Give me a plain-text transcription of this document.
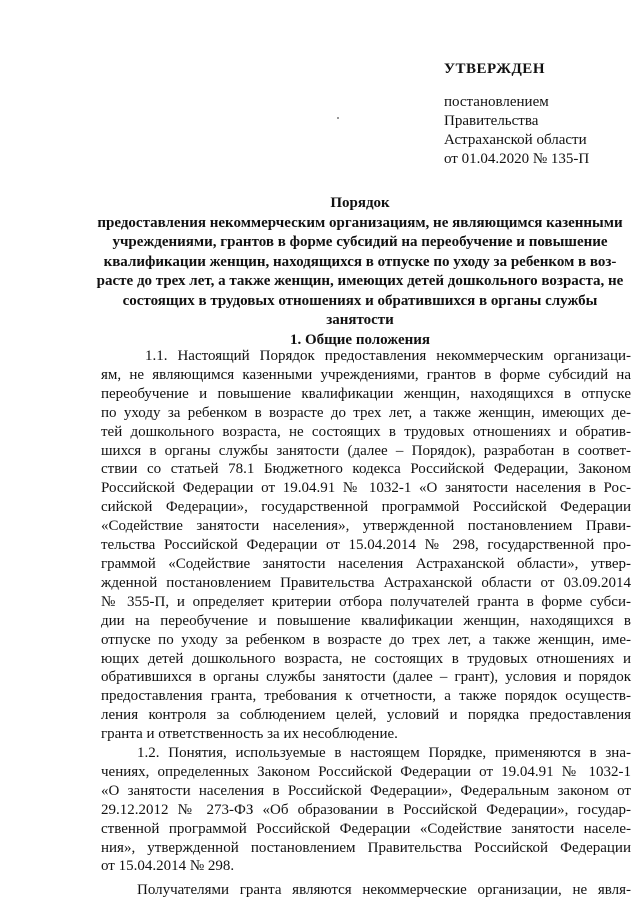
УТВЕРЖДЕН
постановлением
Правительства
Астраханской области
от 01.04.2020 № 135-П
Порядок
предоставления некоммерческим организациям, не являющимся казенными
учреждениями, грантов в форме субсидий на переобучение и повышение
квалификации женщин, находящихся в отпуске по уходу за ребенком в воз-
расте до трех лет, а также женщин, имеющих детей дошкольного возраста, не
состоящих в трудовых отношениях и обратившихся в органы службы
занятости
1. Общие положения
1.1. Настоящий Порядок предоставления некоммерческим организаци-
ям, не являющимся казенными учреждениями, грантов в форме субсидий на
переобучение и повышение квалификации женщин, находящихся в отпуске
по уходу за ребенком в возрасте до трех лет, а также женщин, имеющих де-
тей дошкольного возраста, не состоящих в трудовых отношениях и обратив-
шихся в органы службы занятости (далее – Порядок), разработан в соответ-
ствии со статьей 78.1 Бюджетного кодекса Российской Федерации, Законом
Российской Федерации от 19.04.91 № 1032-1 «О занятости населения в Рос-
сийской Федерации», государственной программой Российской Федерации
«Содействие занятости населения», утвержденной постановлением Прави-
тельства Российской Федерации от 15.04.2014 № 298, государственной про-
граммой «Содействие занятости населения Астраханской области», утвер-
жденной постановлением Правительства Астраханской области от 03.09.2014
№ 355-П, и определяет критерии отбора получателей гранта в форме субси-
дии на переобучение и повышение квалификации женщин, находящихся в
отпуске по уходу за ребенком в возрасте до трех лет, а также женщин, име-
ющих детей дошкольного возраста, не состоящих в трудовых отношениях и
обратившихся в органы службы занятости (далее – грант), условия и порядок
предоставления гранта, требования к отчетности, а также порядок осуществ-
ления контроля за соблюдением целей, условий и порядка предоставления
гранта и ответственность за их несоблюдение.
1.2. Понятия, используемые в настоящем Порядке, применяются в зна-
чениях, определенных Законом Российской Федерации от 19.04.91 № 1032-1
«О занятости населения в Российской Федерации», Федеральным законом от
29.12.2012 № 273-ФЗ «Об образовании в Российской Федерации», государ-
ственной программой Российской Федерации «Содействие занятости населе-
ния», утвержденной постановлением Правительства Российской Федерации
от 15.04.2014 № 298.
Получателями гранта являются некоммерческие организации, не явля-
